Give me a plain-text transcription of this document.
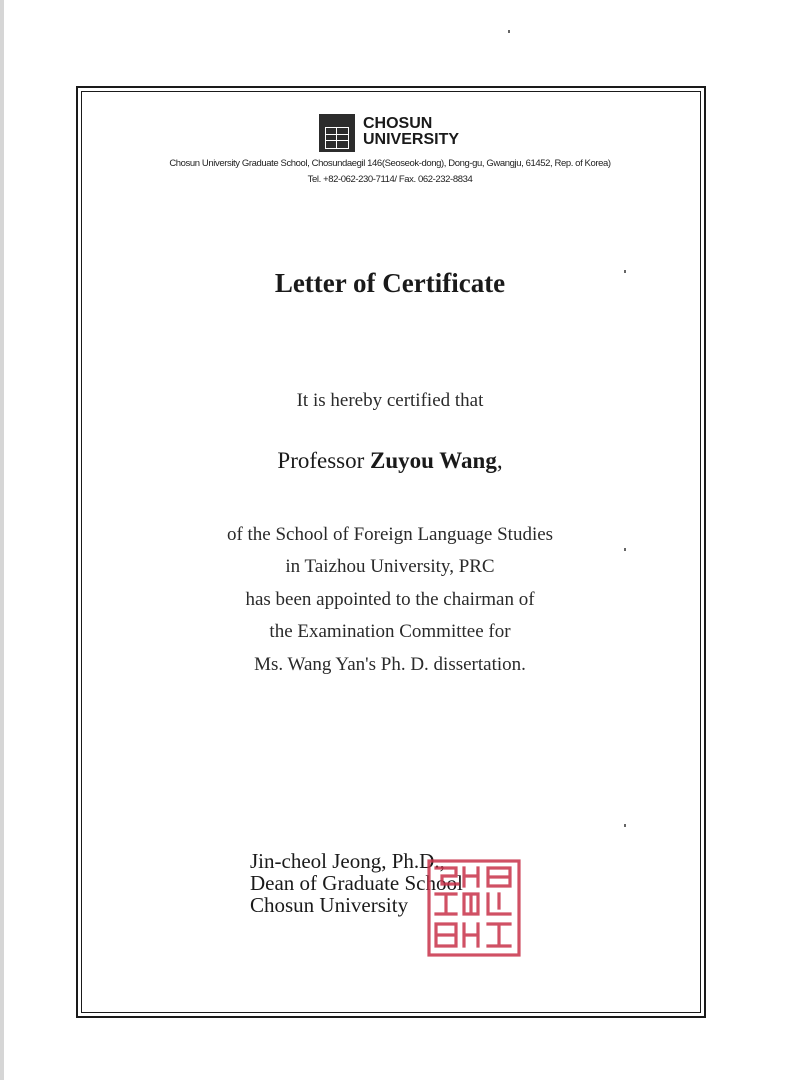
CHOSUN
UNIVERSITY
Chosun University Graduate School, Chosundaegil 146(Seoseok-dong), Dong-gu, Gwangju, 61452, Rep. of Korea)
Tel. +82-062-230-7114/ Fax. 062-232-8834
Letter of Certificate
It is hereby certified that
Professor Zuyou Wang,
of the School of Foreign Language Studies
in Taizhou University, PRC
has been appointed to the chairman of
the Examination Committee for
Ms. Wang Yan's Ph. D. dissertation.
Jin-cheol Jeong, Ph.D.,
Dean of Graduate School
Chosun University
